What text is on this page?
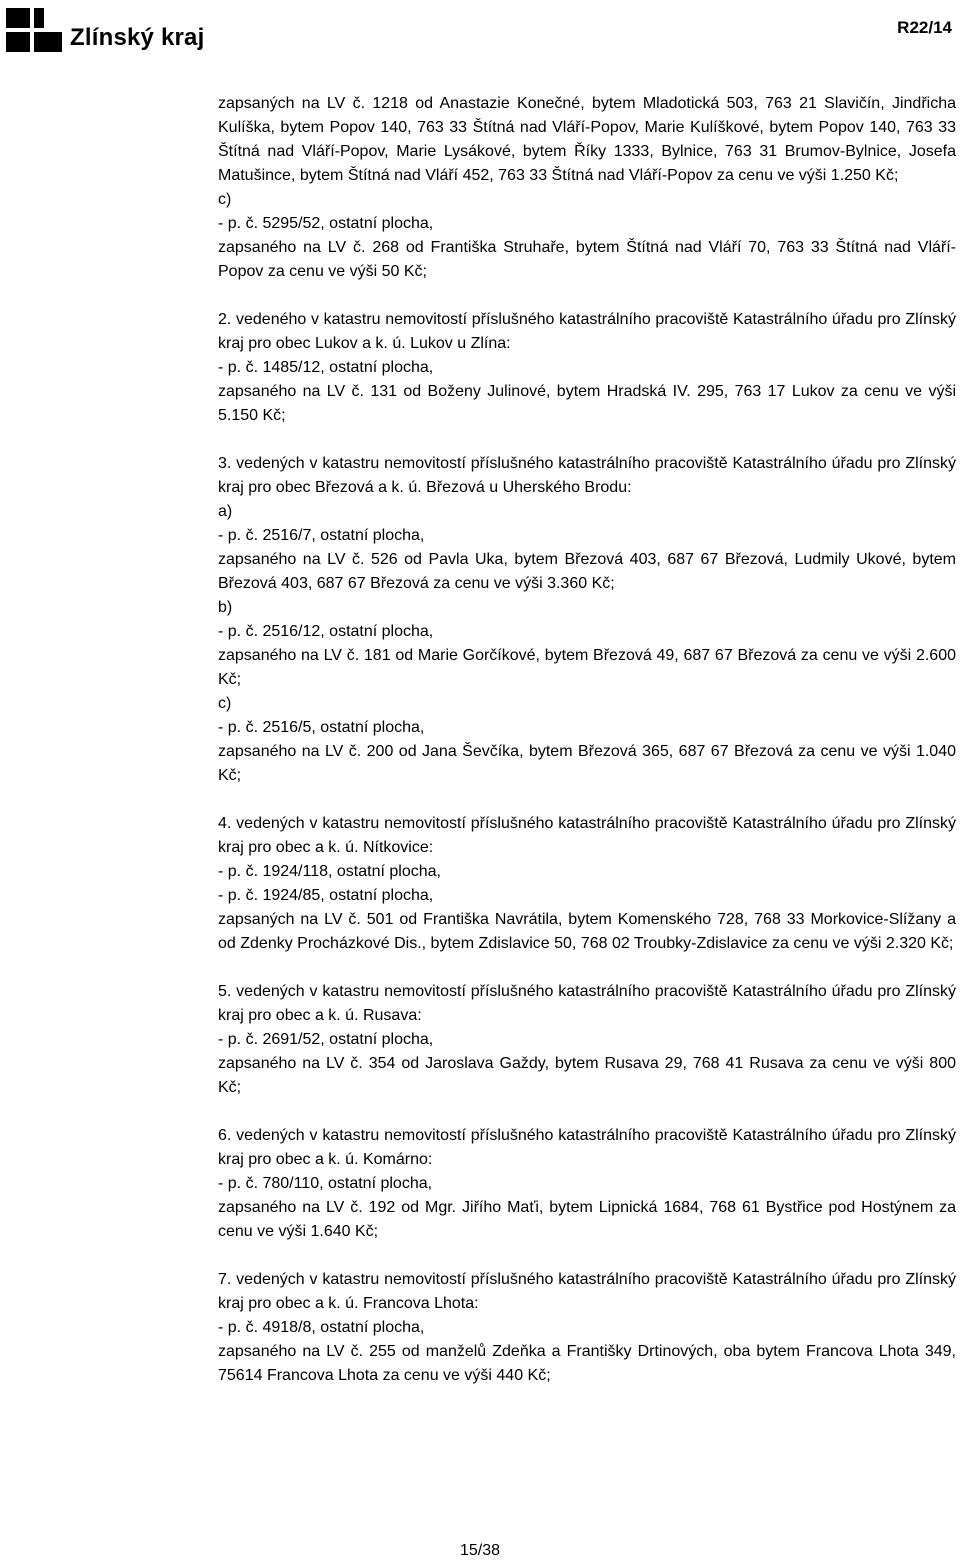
Zlínský kraj	R22/14

zapsaných na LV č. 1218 od Anastazie Konečné, bytem Mladotická 503, 763 21 Slavičín, Jindřicha Kulíška, bytem Popov 140, 763 33 Štítná nad Vláří-Popov, Marie Kulíškové, bytem Popov 140, 763 33 Štítná nad Vláří-Popov, Marie Lysákové, bytem Říky 1333, Bylnice, 763 31 Brumov-Bylnice, Josefa Matušince, bytem Štítná nad Vláří 452, 763 33 Štítná nad Vláří-Popov za cenu ve výši 1.250 Kč;

c)

- p. č. 5295/52, ostatní plocha,

zapsaného na LV č. 268 od Františka Struhaře, bytem Štítná nad Vláří 70, 763 33 Štítná nad Vláří-Popov za cenu ve výši 50 Kč;

2. vedeného v katastru nemovitostí příslušného katastrálního pracoviště Katastrálního úřadu pro Zlínský kraj pro obec Lukov a k. ú. Lukov u Zlína:

- p. č. 1485/12, ostatní plocha,

zapsaného na LV č. 131 od Boženy Julinové, bytem Hradská IV. 295, 763 17 Lukov za cenu ve výši 5.150 Kč;

3. vedených v katastru nemovitostí příslušného katastrálního pracoviště Katastrálního úřadu pro Zlínský kraj pro obec Březová a k. ú. Březová u Uherského Brodu:

a)

- p. č. 2516/7, ostatní plocha,

zapsaného na LV č. 526 od Pavla Uka, bytem Březová 403, 687 67 Březová, Ludmily Ukové, bytem Březová 403, 687 67 Březová za cenu ve výši 3.360 Kč;

b)

- p. č. 2516/12, ostatní plocha,

zapsaného na LV č. 181 od Marie Gorčíkové, bytem Březová 49, 687 67 Březová za cenu ve výši 2.600 Kč;

c)

- p. č. 2516/5, ostatní plocha,

zapsaného na LV č. 200 od Jana Ševčíka, bytem Březová 365, 687 67 Březová za cenu ve výši 1.040 Kč;

4. vedených v katastru nemovitostí příslušného katastrálního pracoviště Katastrálního úřadu pro Zlínský kraj pro obec a k. ú. Nítkovice:

- p. č. 1924/118, ostatní plocha,

- p. č. 1924/85, ostatní plocha,

zapsaných na LV č. 501 od Františka Navrátila, bytem Komenského 728, 768 33 Morkovice-Slížany a od Zdenky Procházkové Dis., bytem Zdislavice 50, 768 02 Troubky-Zdislavice za cenu ve výši 2.320 Kč;

5. vedených v katastru nemovitostí příslušného katastrálního pracoviště Katastrálního úřadu pro Zlínský kraj pro obec a k. ú. Rusava:

- p. č. 2691/52, ostatní plocha,

zapsaného na LV č. 354 od Jaroslava Gaždy, bytem Rusava 29, 768 41 Rusava za cenu ve výši 800 Kč;

6. vedených v katastru nemovitostí příslušného katastrálního pracoviště Katastrálního úřadu pro Zlínský kraj pro obec a k. ú. Komárno:

- p. č. 780/110, ostatní plocha,

zapsaného na LV č. 192 od Mgr. Jiřího Maťi, bytem Lipnická 1684, 768 61 Bystřice pod Hostýnem za cenu ve výši 1.640 Kč;

7. vedených v katastru nemovitostí příslušného katastrálního pracoviště Katastrálního úřadu pro Zlínský kraj pro obec a k. ú. Francova Lhota:

- p. č. 4918/8, ostatní plocha,

zapsaného na LV č. 255 od manželů Zdeňka a Františky Drtinových, oba bytem Francova Lhota 349, 75614 Francova Lhota za cenu ve výši 440 Kč;

15/38
